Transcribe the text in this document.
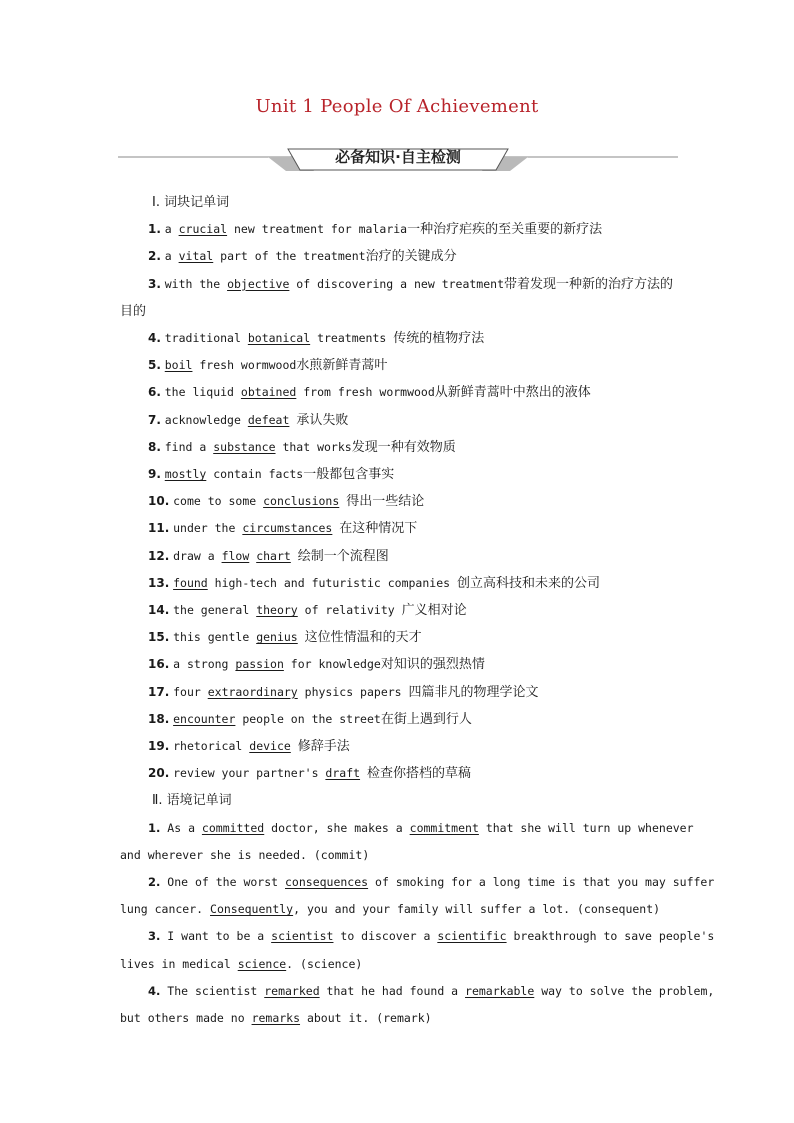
Unit 1 People Of Achievement
必备知识·自主检测
Ⅰ. 词块记单词
1. a crucial new treatment for malaria一种治疗疟疾的至关重要的新疗法
2. a vital part of the treatment治疗的关键成分
3. with the objective of discovering a new treatment带着发现一种新的治疗方法的
目的
4. traditional botanical treatments 传统的植物疗法
5. boil fresh wormwood水煎新鲜青蒿叶
6. the liquid obtained from fresh wormwood从新鲜青蒿叶中熬出的液体
7. acknowledge defeat 承认失败
8. find a substance that works发现一种有效物质
9. mostly contain facts一般都包含事实
10. come to some conclusions 得出一些结论
11. under the circumstances 在这种情况下
12. draw a flow chart 绘制一个流程图
13. found high-tech and futuristic companies 创立高科技和未来的公司
14. the general theory of relativity 广义相对论
15. this gentle genius 这位性情温和的天才
16. a strong passion for knowledge对知识的强烈热情
17. four extraordinary physics papers 四篇非凡的物理学论文
18. encounter people on the street在街上遇到行人
19. rhetorical device 修辞手法
20. review your partner's draft 检查你搭档的草稿
Ⅱ. 语境记单词
1. As a committed doctor, she makes a commitment that she will turn up whenever
and wherever she is needed. (commit)
2. One of the worst consequences of smoking for a long time is that you may suffer
lung cancer. Consequently, you and your family will suffer a lot. (consequent)
3. I want to be a scientist to discover a scientific breakthrough to save people's
lives in medical science. (science)
4. The scientist remarked that he had found a remarkable way to solve the problem,
but others made no remarks about it. (remark)
